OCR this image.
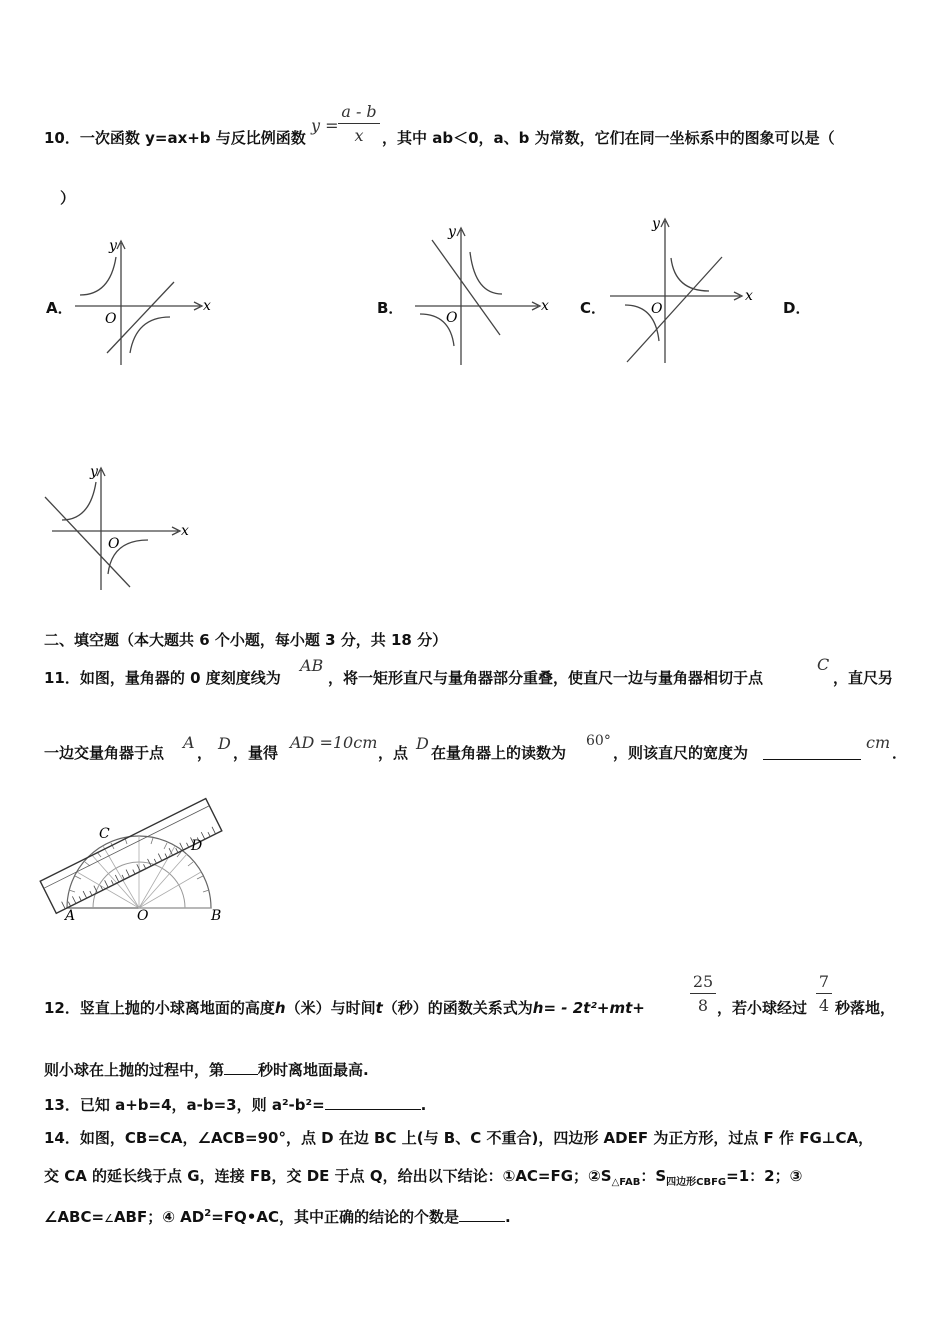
10．一次函数 y=ax+b 与反比例函数
y =
a - b
x	，其中 ab＜0，a、b 为常数，它们在同一坐标系中的图象可以是（
）
A．	B．	C．	D．
x
y
O
x
y
O
x
y
O
x
y
O
二、填空题（本大题共 6 个小题，每小题 3 分，共 18 分）
11．如图，量角器的 0 度刻度线为
AB
，将一矩形直尺与量角器部分重叠，使直尺一边与量角器相切于点
C
，直尺另
一边交量角器于点
A
， D ，量得
AD =10cm
，点 D 在量角器上的读数为
60°
，则该直尺的宽度为
cm
．
A	O	B
C
D
12．竖直上抛的小球离地面的高度h（米）与时间t（秒）的函数关系式为h= - 2t²+mt+
25
8 ，若小球经过
7
4 秒落地，
则小球在上抛的过程中，第 秒时离地面最高.
13．已知 a+b=4，a-b=3，则 a²-b²=	.
14．如图，CB=CA，∠ACB=90°，点 D 在边 BC 上(与 B、C 不重合)，四边形 ADEF 为正方形，过点 F 作 FG⊥CA，
交 CA 的延长线于点 G，连接 FB，交 DE 于点 Q，给出以下结论：①AC=FG；$②S_{\triangle FAB}$：$S_{四边形CBFG}=1$：2；③
∠ABC=∠ABF；④ $AD^2=FQ•AC$，其中正确的结论的个数是	.
